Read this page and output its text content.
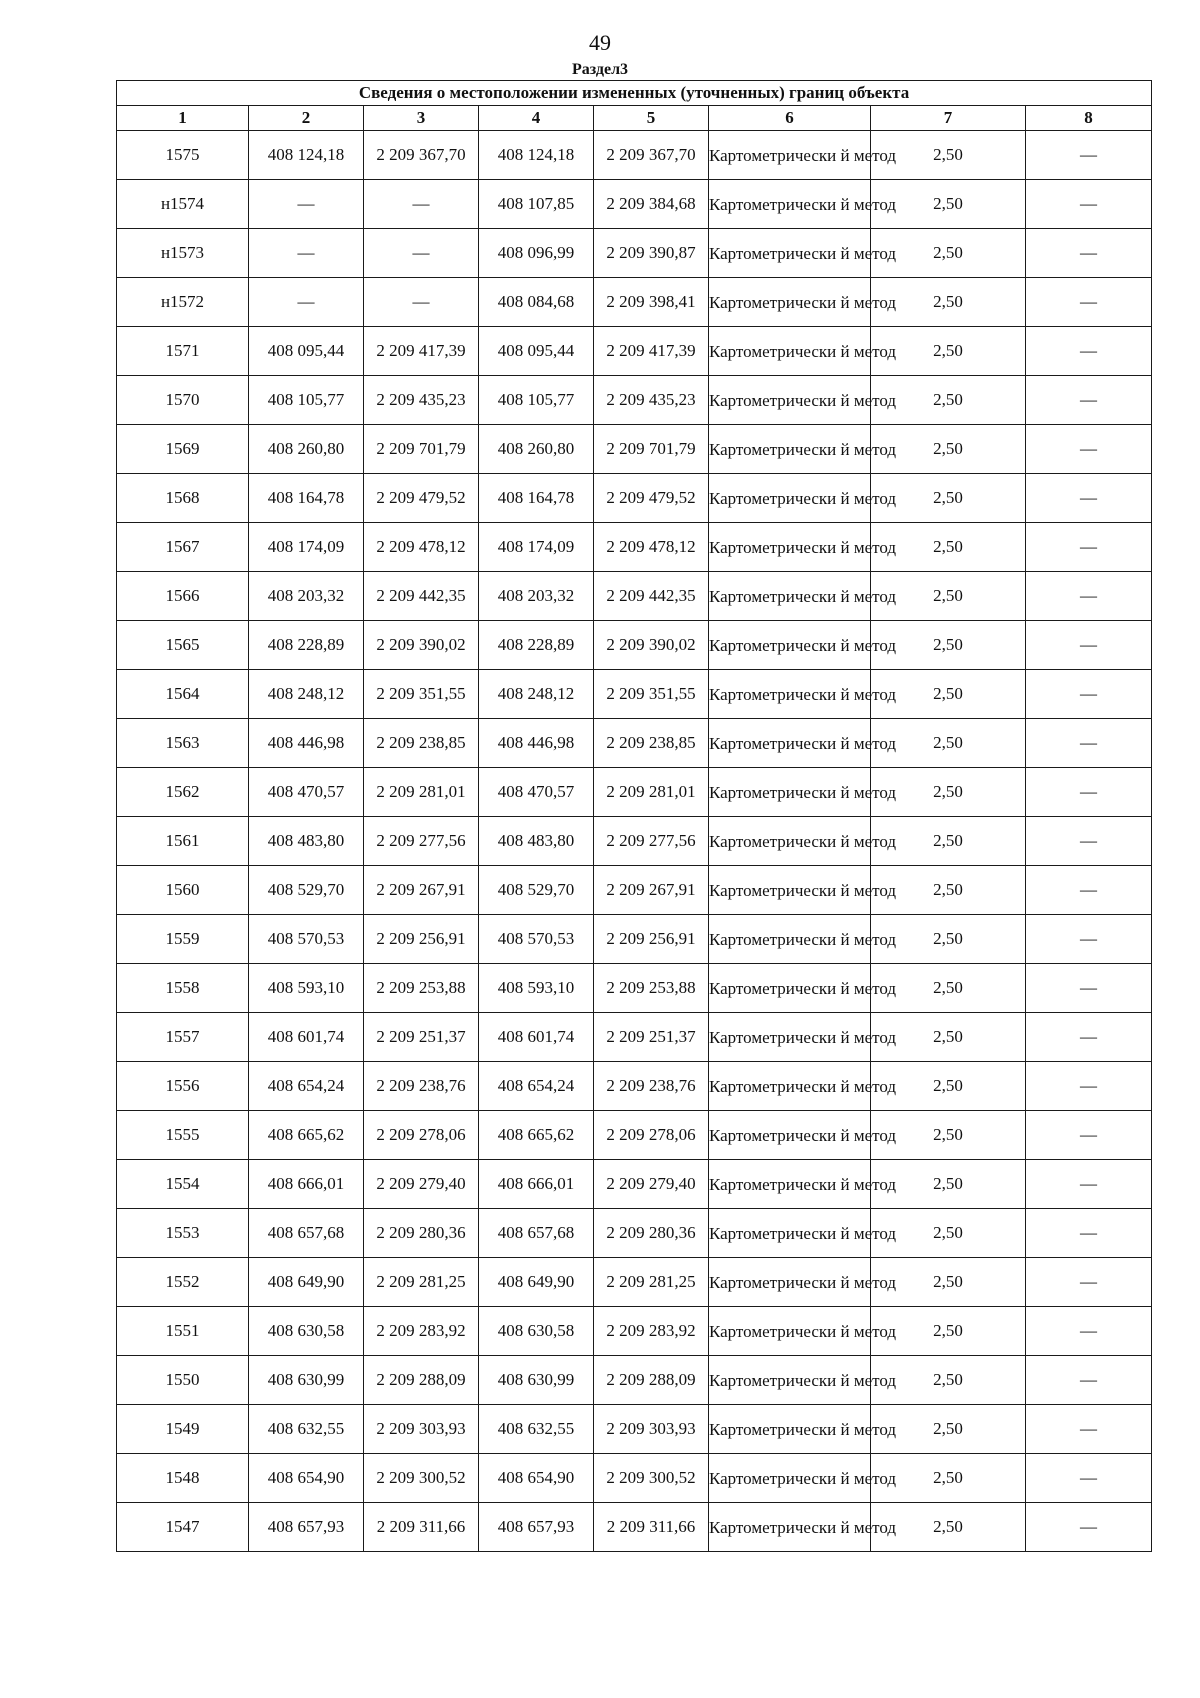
49
Раздел3
Сведения о местоположении измененных (уточненных) границ объекта							
1	2	3	4	5	6	7	8
1575	408 124,18	2 209 367,70	408 124,18	2 209 367,70	Картометрически й метод	2,50	—
н1574	—	—	408 107,85	2 209 384,68	Картометрически й метод	2,50	—
н1573	—	—	408 096,99	2 209 390,87	Картометрически й метод	2,50	—
н1572	—	—	408 084,68	2 209 398,41	Картометрически й метод	2,50	—
1571	408 095,44	2 209 417,39	408 095,44	2 209 417,39	Картометрически й метод	2,50	—
1570	408 105,77	2 209 435,23	408 105,77	2 209 435,23	Картометрически й метод	2,50	—
1569	408 260,80	2 209 701,79	408 260,80	2 209 701,79	Картометрически й метод	2,50	—
1568	408 164,78	2 209 479,52	408 164,78	2 209 479,52	Картометрически й метод	2,50	—
1567	408 174,09	2 209 478,12	408 174,09	2 209 478,12	Картометрически й метод	2,50	—
1566	408 203,32	2 209 442,35	408 203,32	2 209 442,35	Картометрически й метод	2,50	—
1565	408 228,89	2 209 390,02	408 228,89	2 209 390,02	Картометрически й метод	2,50	—
1564	408 248,12	2 209 351,55	408 248,12	2 209 351,55	Картометрически й метод	2,50	—
1563	408 446,98	2 209 238,85	408 446,98	2 209 238,85	Картометрически й метод	2,50	—
1562	408 470,57	2 209 281,01	408 470,57	2 209 281,01	Картометрически й метод	2,50	—
1561	408 483,80	2 209 277,56	408 483,80	2 209 277,56	Картометрически й метод	2,50	—
1560	408 529,70	2 209 267,91	408 529,70	2 209 267,91	Картометрически й метод	2,50	—
1559	408 570,53	2 209 256,91	408 570,53	2 209 256,91	Картометрически й метод	2,50	—
1558	408 593,10	2 209 253,88	408 593,10	2 209 253,88	Картометрически й метод	2,50	—
1557	408 601,74	2 209 251,37	408 601,74	2 209 251,37	Картометрически й метод	2,50	—
1556	408 654,24	2 209 238,76	408 654,24	2 209 238,76	Картометрически й метод	2,50	—
1555	408 665,62	2 209 278,06	408 665,62	2 209 278,06	Картометрически й метод	2,50	—
1554	408 666,01	2 209 279,40	408 666,01	2 209 279,40	Картометрически й метод	2,50	—
1553	408 657,68	2 209 280,36	408 657,68	2 209 280,36	Картометрически й метод	2,50	—
1552	408 649,90	2 209 281,25	408 649,90	2 209 281,25	Картометрически й метод	2,50	—
1551	408 630,58	2 209 283,92	408 630,58	2 209 283,92	Картометрически й метод	2,50	—
1550	408 630,99	2 209 288,09	408 630,99	2 209 288,09	Картометрически й метод	2,50	—
1549	408 632,55	2 209 303,93	408 632,55	2 209 303,93	Картометрически й метод	2,50	—
1548	408 654,90	2 209 300,52	408 654,90	2 209 300,52	Картометрически й метод	2,50	—
1547	408 657,93	2 209 311,66	408 657,93	2 209 311,66	Картометрически й метод	2,50	—
